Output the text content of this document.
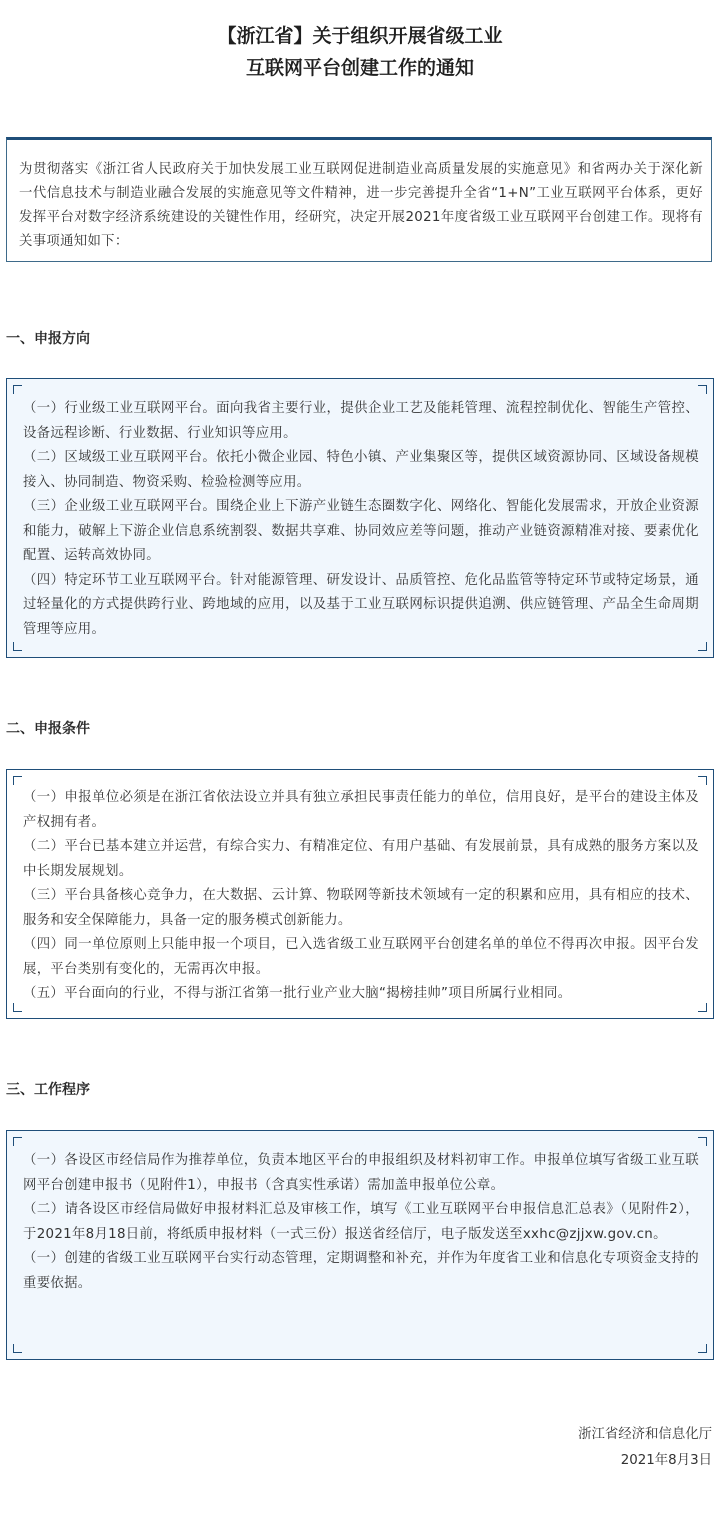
【浙江省】关于组织开展省级工业
互联网平台创建工作的通知
为贯彻落实《浙江省人民政府关于加快发展工业互联网促进制造业高质量发展的实施意见》和省两办关于深化新一代信息技术与制造业融合发展的实施意见等文件精神，进一步完善提升全省“1+N”工业互联网平台体系，更好发挥平台对数字经济系统建设的关键性作用，经研究，决定开展2021年度省级工业互联网平台创建工作。现将有关事项通知如下：
一、申报方向

（一）行业级工业互联网平台。面向我省主要行业，提供企业工艺及能耗管理、流程控制优化、智能生产管控、设备远程诊断、行业数据、行业知识等应用。

（二）区域级工业互联网平台。依托小微企业园、特色小镇、产业集聚区等，提供区域资源协同、区域设备规模接入、协同制造、物资采购、检验检测等应用。

（三）企业级工业互联网平台。围绕企业上下游产业链生态圈数字化、网络化、智能化发展需求，开放企业资源和能力，破解上下游企业信息系统割裂、数据共享难、协同效应差等问题，推动产业链资源精准对接、要素优化配置、运转高效协同。

（四）特定环节工业互联网平台。针对能源管理、研发设计、品质管控、危化品监管等特定环节或特定场景，通过轻量化的方式提供跨行业、跨地域的应用，以及基于工业互联网标识提供追溯、供应链管理、产品全生命周期管理等应用。

二、申报条件

（一）申报单位必须是在浙江省依法设立并具有独立承担民事责任能力的单位，信用良好，是平台的建设主体及产权拥有者。

（二）平台已基本建立并运营，有综合实力、有精准定位、有用户基础、有发展前景，具有成熟的服务方案以及中长期发展规划。

（三）平台具备核心竞争力，在大数据、云计算、物联网等新技术领域有一定的积累和应用，具有相应的技术、服务和安全保障能力，具备一定的服务模式创新能力。

（四）同一单位原则上只能申报一个项目，已入选省级工业互联网平台创建名单的单位不得再次申报。因平台发展，平台类别有变化的，无需再次申报。

（五）平台面向的行业，不得与浙江省第一批行业产业大脑“揭榜挂帅”项目所属行业相同。

三、工作程序

（一）各设区市经信局作为推荐单位，负责本地区平台的申报组织及材料初审工作。申报单位填写省级工业互联网平台创建申报书（见附件1），申报书（含真实性承诺）需加盖申报单位公章。

（二）请各设区市经信局做好申报材料汇总及审核工作，填写《工业互联网平台申报信息汇总表》（见附件2），于2021年8月18日前，将纸质申报材料（一式三份）报送省经信厅，电子版发送至xxhc@zjjxw.gov.cn。

（一）创建的省级工业互联网平台实行动态管理，定期调整和补充，并作为年度省工业和信息化专项资金支持的重要依据。

浙江省经济和信息化厅
2021年8月3日
